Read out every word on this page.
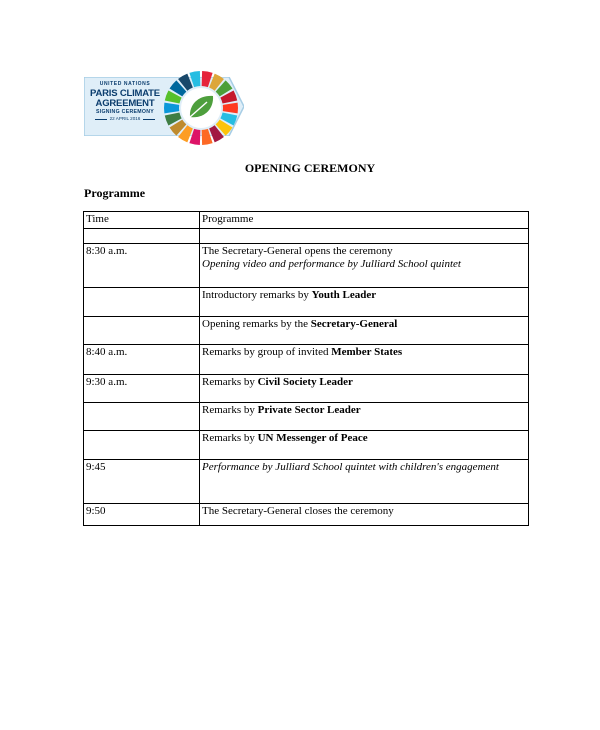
UNITED NATIONS
PARIS CLIMATE
AGREEMENT
SIGNING CEREMONY
22 APRIL 2016
OPENING CEREMONY
Programme
Time	Programme

8:30 a.m.	The Secretary-General opens the ceremony
Opening video and performance by Julliard School quintet
	Introductory remarks by Youth Leader
	Opening remarks by the Secretary-General
8:40 a.m.	Remarks by group of invited Member States
9:30 a.m.	Remarks by Civil Society Leader
	Remarks by Private Sector Leader
	Remarks by UN Messenger of Peace
9:45	Performance by Julliard School quintet with children's engagement
9:50	The Secretary-General closes the ceremony
